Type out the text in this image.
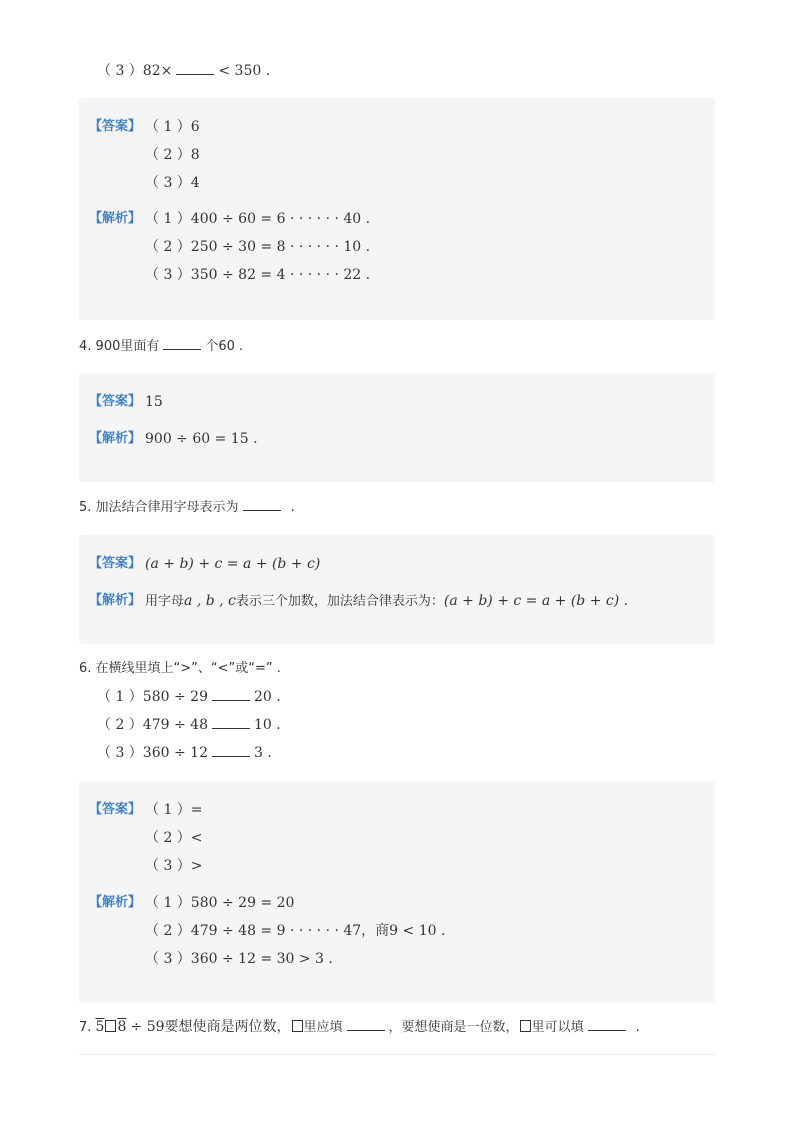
（ 3 ）82×	< 350 .
【答案】 （ 1 ）6
（ 2 ）8
（ 3 ）4
【解析】 （ 1 ）400 ÷ 60 = 6 · · · · · · 40 .
（ 2 ）250 ÷ 30 = 8 · · · · · · 10 .
（ 3 ）350 ÷ 82 = 4 · · · · · · 22 .
4. 900里面有	个60 .
【答案】 15
【解析】 900 ÷ 60 = 15 .
5. 加法结合律用字母表示为	.
【答案】 (a + b) + c = a + (b + c)
【解析】 用字母a , b , c表示三个加数，加法结合律表示为：(a + b) + c = a + (b + c) .
6. 在横线里填上“>”、“<”或“=” .
（ 1 ）580 ÷ 29	20 .
（ 2 ）479 ÷ 48	10 .
（ 3 ）360 ÷ 12	3 .
【答案】 （ 1 ）=
（ 2 ）<
（ 3 ）>
【解析】 （ 1 ）580 ÷ 29 = 20
（ 2 ）479 ÷ 48 = 9 · · · · · · 47，商9 < 10 .
（ 3 ）360 ÷ 12 = 30 > 3 .
7. 5 8 ÷ 59要想使商是两位数， 里应填	，要想使商是一位数， 里可以填	.
